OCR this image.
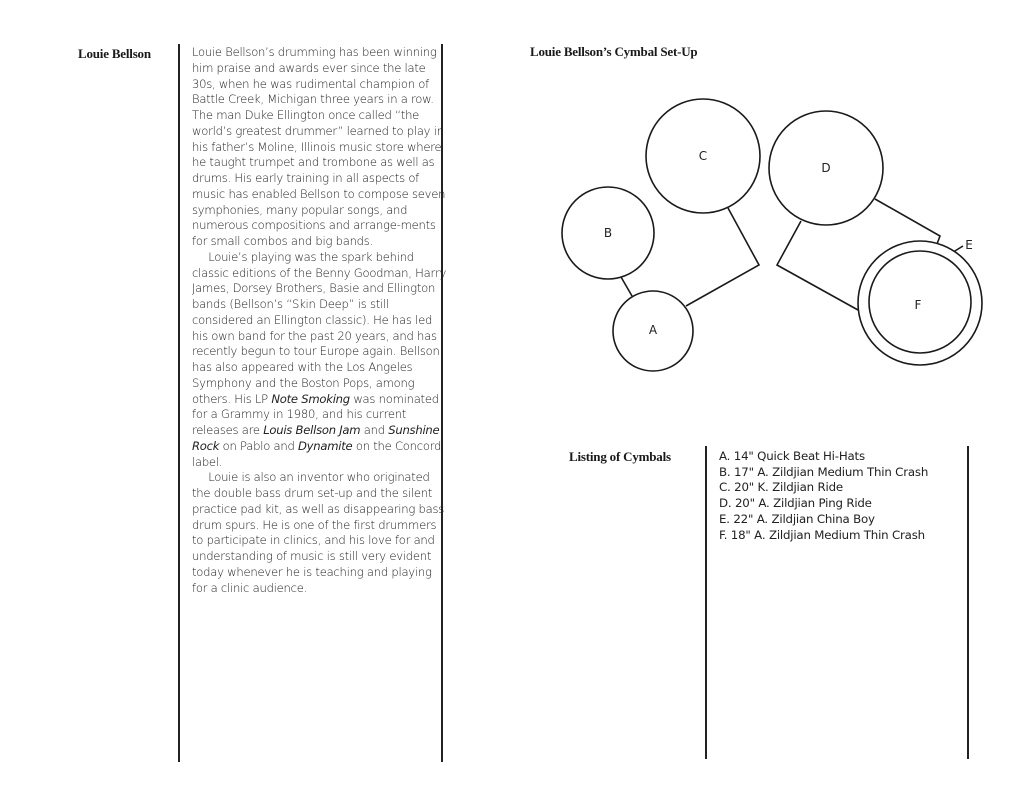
Louie Bellson	Louie Bellson’s drumming has been winning him praise and awards ever since the late 30s, when he was rudimental champion of Battle Creek, Michigan three years in a row. The man Duke Ellington once called “the world’s greatest drummer” learned to play in his father’s Moline, Illinois music store where he taught trumpet and trombone as well as drums. His early training in all aspects of music has enabled Bellson to compose seven symphonies, many popular songs, and numerous compositions and arrange-ments for small combos and big bands.

Louie’s playing was the spark behind classic editions of the Benny Goodman, Harry James, Dorsey Brothers, Basie and Ellington bands (Bellson’s “Skin Deep” is still considered an Ellington classic). He has led his own band for the past 20 years, and has recently begun to tour Europe again. Bellson has also appeared with the Los Angeles Symphony and the Boston Pops, among others. His LP Note Smoking was nominated for a Grammy in 1980, and his current releases are Louis Bellson Jam and Sunshine Rock on Pablo and Dynamite on the Concord label.

Louie is also an inventor who originated the double bass drum set-up and the silent practice pad kit, as well as disappearing bass drum spurs. He is one of the first drummers to participate in clinics, and his love for and understanding of music is still very evident today whenever he is teaching and playing for a clinic audience.

Louie Bellson’s Cymbal Set-Up
C
B
A
D
E
F
Listing of Cymbals	A. 14" Quick Beat Hi-Hats
B. 17" A. Zildjian Medium Thin Crash
C. 20" K. Zildjian Ride
D. 20" A. Zildjian Ping Ride
E. 22" A. Zildjian China Boy
F. 18" A. Zildjian Medium Thin Crash
